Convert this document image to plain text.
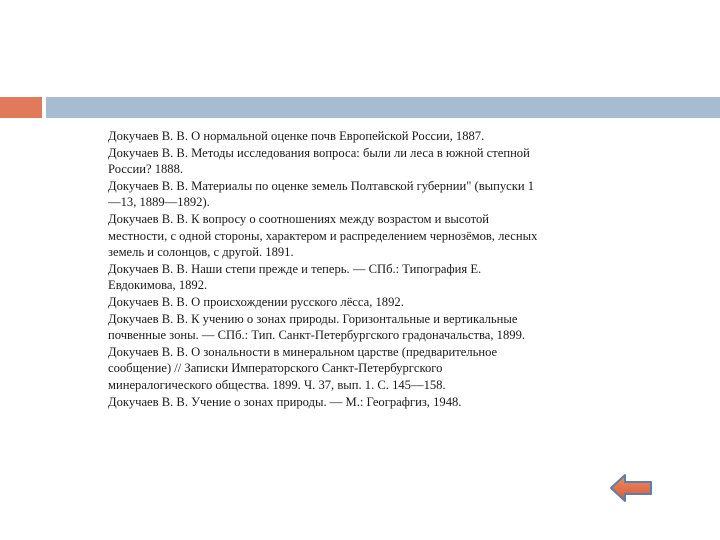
Докучаев В. В. О нормальной оценке почв Европейской России, 1887.
Докучаев В. В. Методы исследования вопроса: были ли леса в южной степной
России? 1888.
Докучаев В. В. Материалы по оценке земель Полтавской губернии" (выпуски 1
—13, 1889—1892).
Докучаев В. В. К вопросу о соотношениях между возрастом и высотой
местности, с одной стороны, характером и распределением чернозёмов, лесных
земель и солонцов, с другой. 1891.
Докучаев В. В. Наши степи прежде и теперь. — СПб.: Типография Е.
Евдокимова, 1892.
Докучаев В. В. О происхождении русского лёсса, 1892.
Докучаев В. В. К учению о зонах природы. Горизонтальные и вертикальные
почвенные зоны. — СПб.: Тип. Санкт-Петербургского градоначальства, 1899.
Докучаев В. В. О зональности в минеральном царстве (предварительное
сообщение) // Записки Императорского Санкт-Петербургского
минералогического общества. 1899. Ч. 37, вып. 1. С. 145—158.
Докучаев В. В. Учение о зонах природы. — М.: Географгиз, 1948.
